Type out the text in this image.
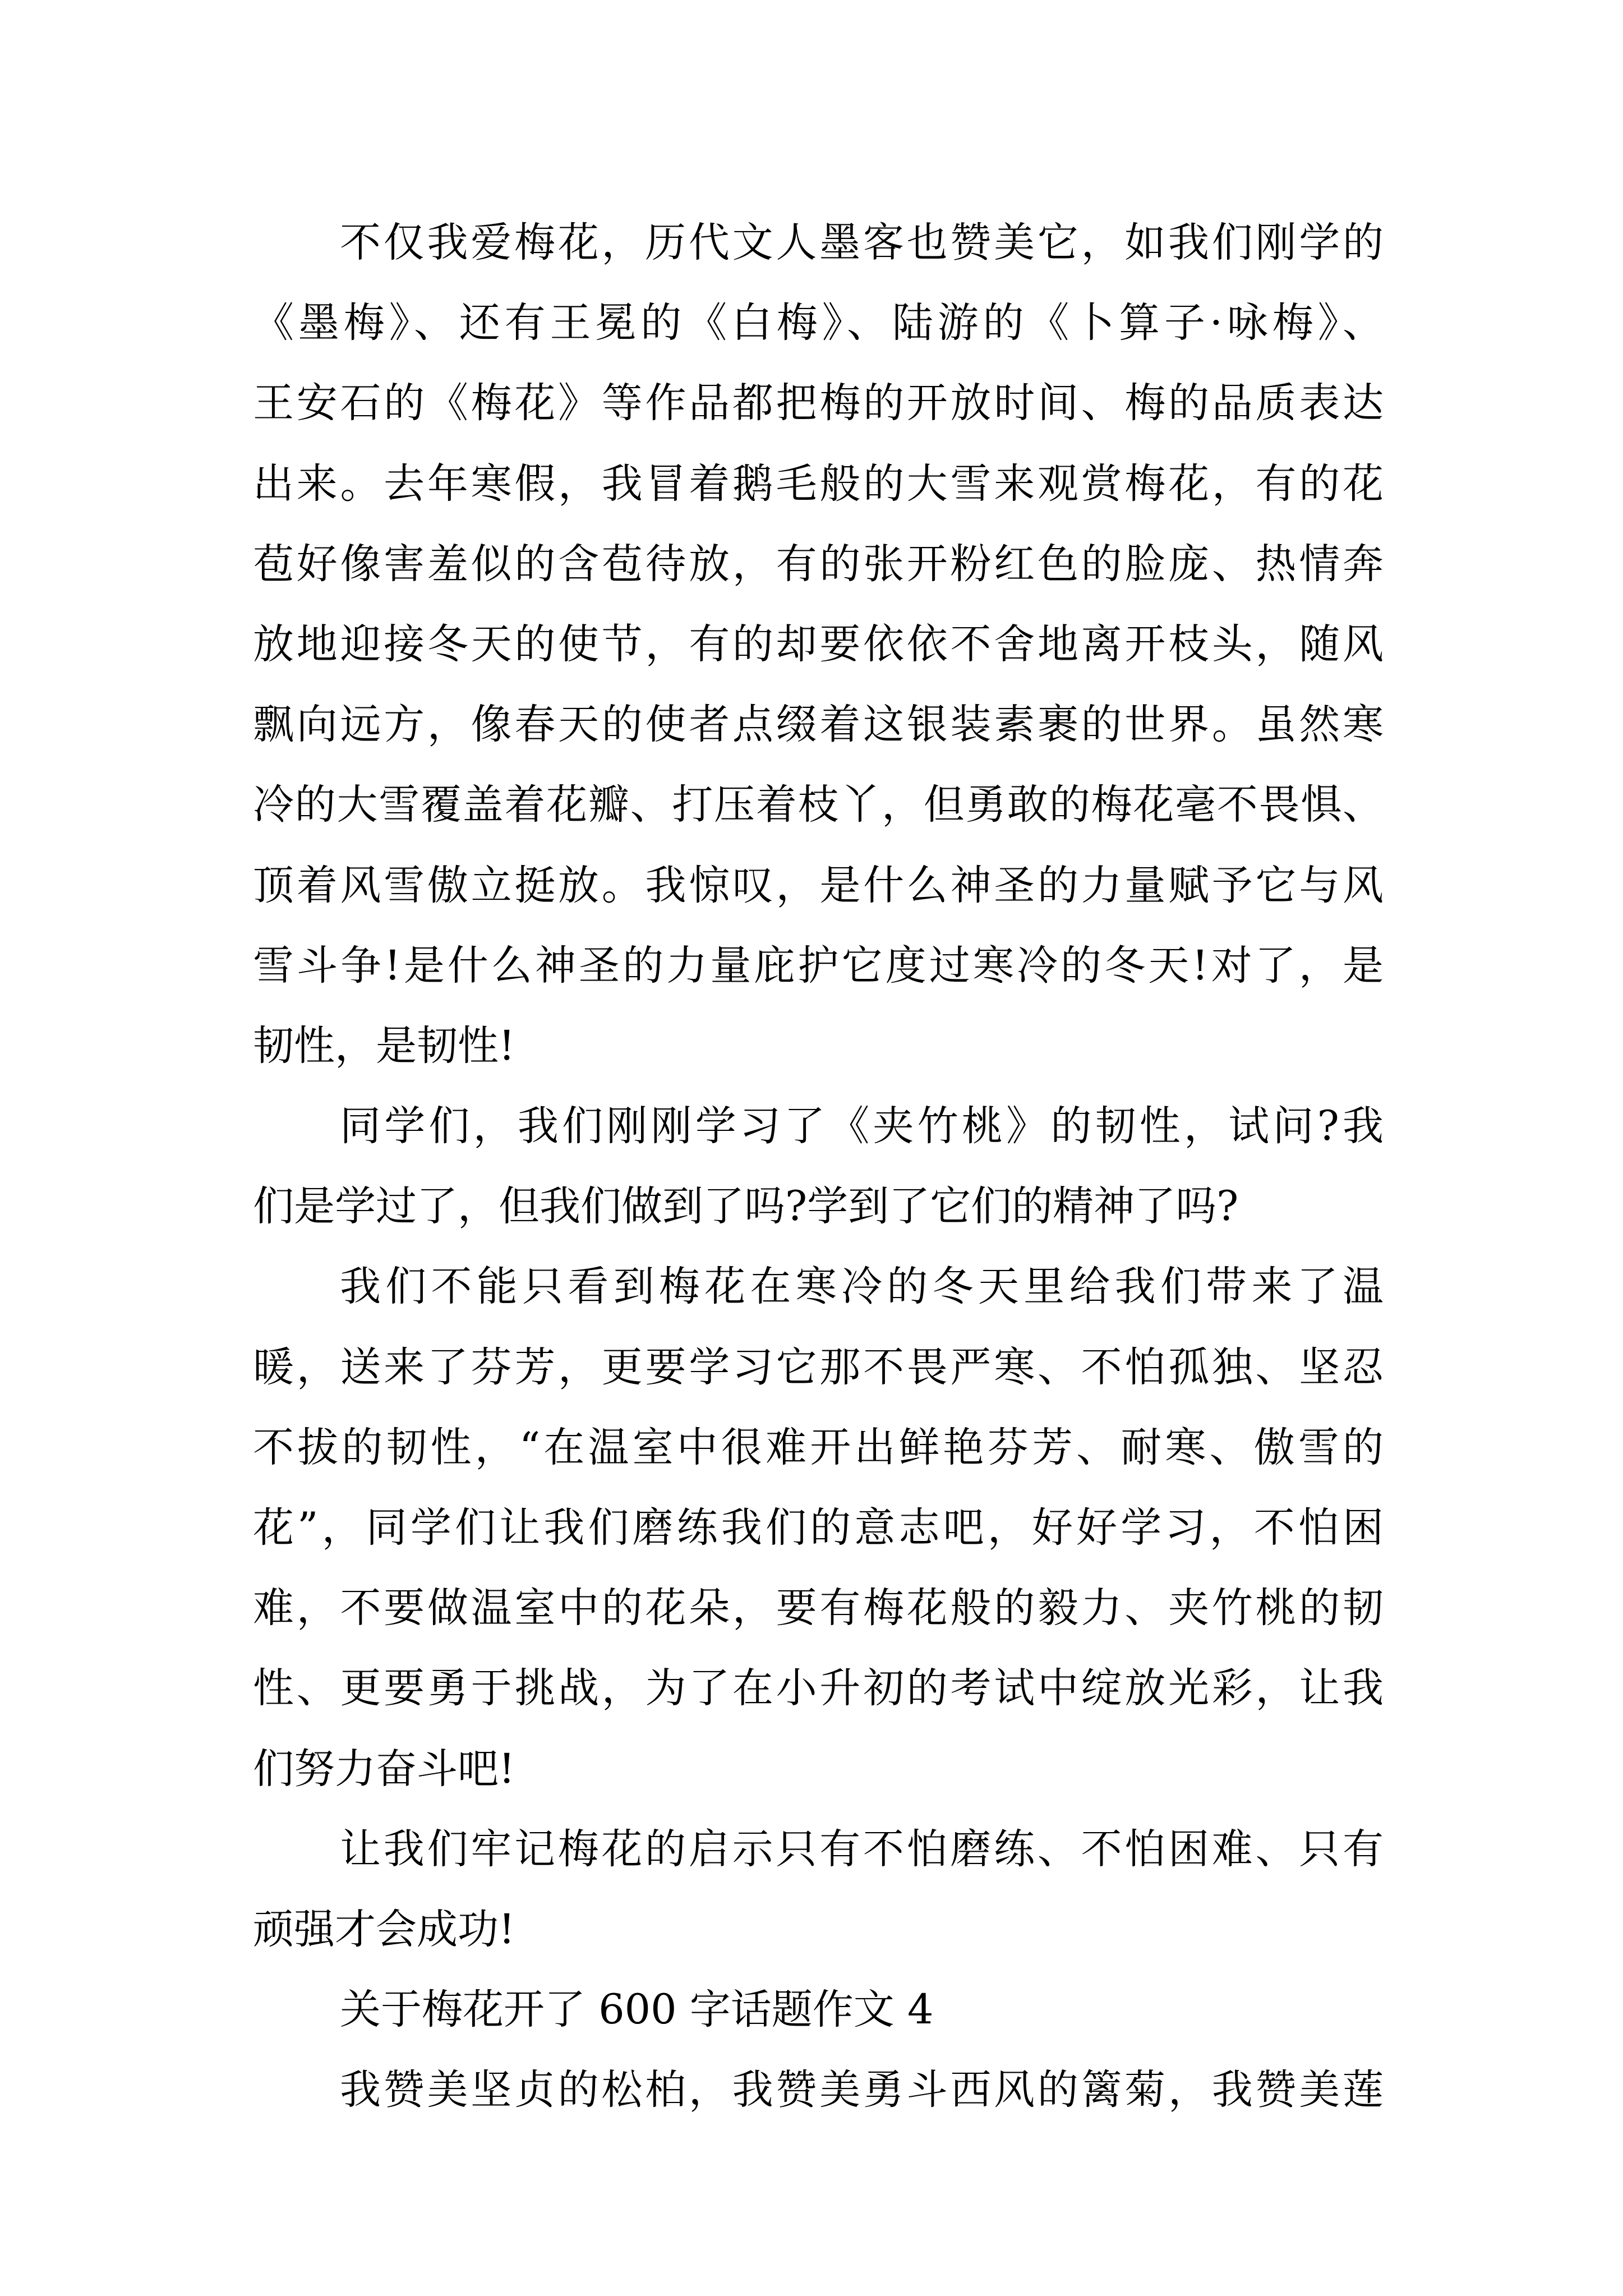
不仅我爱梅花，历代文人墨客也赞美它，如我们刚学的
《墨梅》、还有王冕的《白梅》、陆游的《卜算子·咏梅》、
王安石的《梅花》等作品都把梅的开放时间、梅的品质表达
出来。去年寒假，我冒着鹅毛般的大雪来观赏梅花，有的花
苞好像害羞似的含苞待放，有的张开粉红色的脸庞、热情奔
放地迎接冬天的使节，有的却要依依不舍地离开枝头，随风
飘向远方，像春天的使者点缀着这银装素裹的世界。虽然寒
冷的大雪覆盖着花瓣、打压着枝丫，但勇敢的梅花毫不畏惧、
顶着风雪傲立挺放。我惊叹，是什么神圣的力量赋予它与风
雪斗争!是什么神圣的力量庇护它度过寒冷的冬天!对了，是
韧性，是韧性!
同学们，我们刚刚学习了《夹竹桃》的韧性，试问?我
们是学过了，但我们做到了吗?学到了它们的精神了吗?
我们不能只看到梅花在寒冷的冬天里给我们带来了温
暖，送来了芬芳，更要学习它那不畏严寒、不怕孤独、坚忍
不拔的韧性，“在温室中很难开出鲜艳芬芳、耐寒、傲雪的
花”，同学们让我们磨练我们的意志吧，好好学习，不怕困
难，不要做温室中的花朵，要有梅花般的毅力、夹竹桃的韧
性、更要勇于挑战，为了在小升初的考试中绽放光彩，让我
们努力奋斗吧!
让我们牢记梅花的启示只有不怕磨练、不怕困难、只有
顽强才会成功!
关于梅花开了 600 字话题作文 4
我赞美坚贞的松柏，我赞美勇斗西风的篱菊，我赞美莲
